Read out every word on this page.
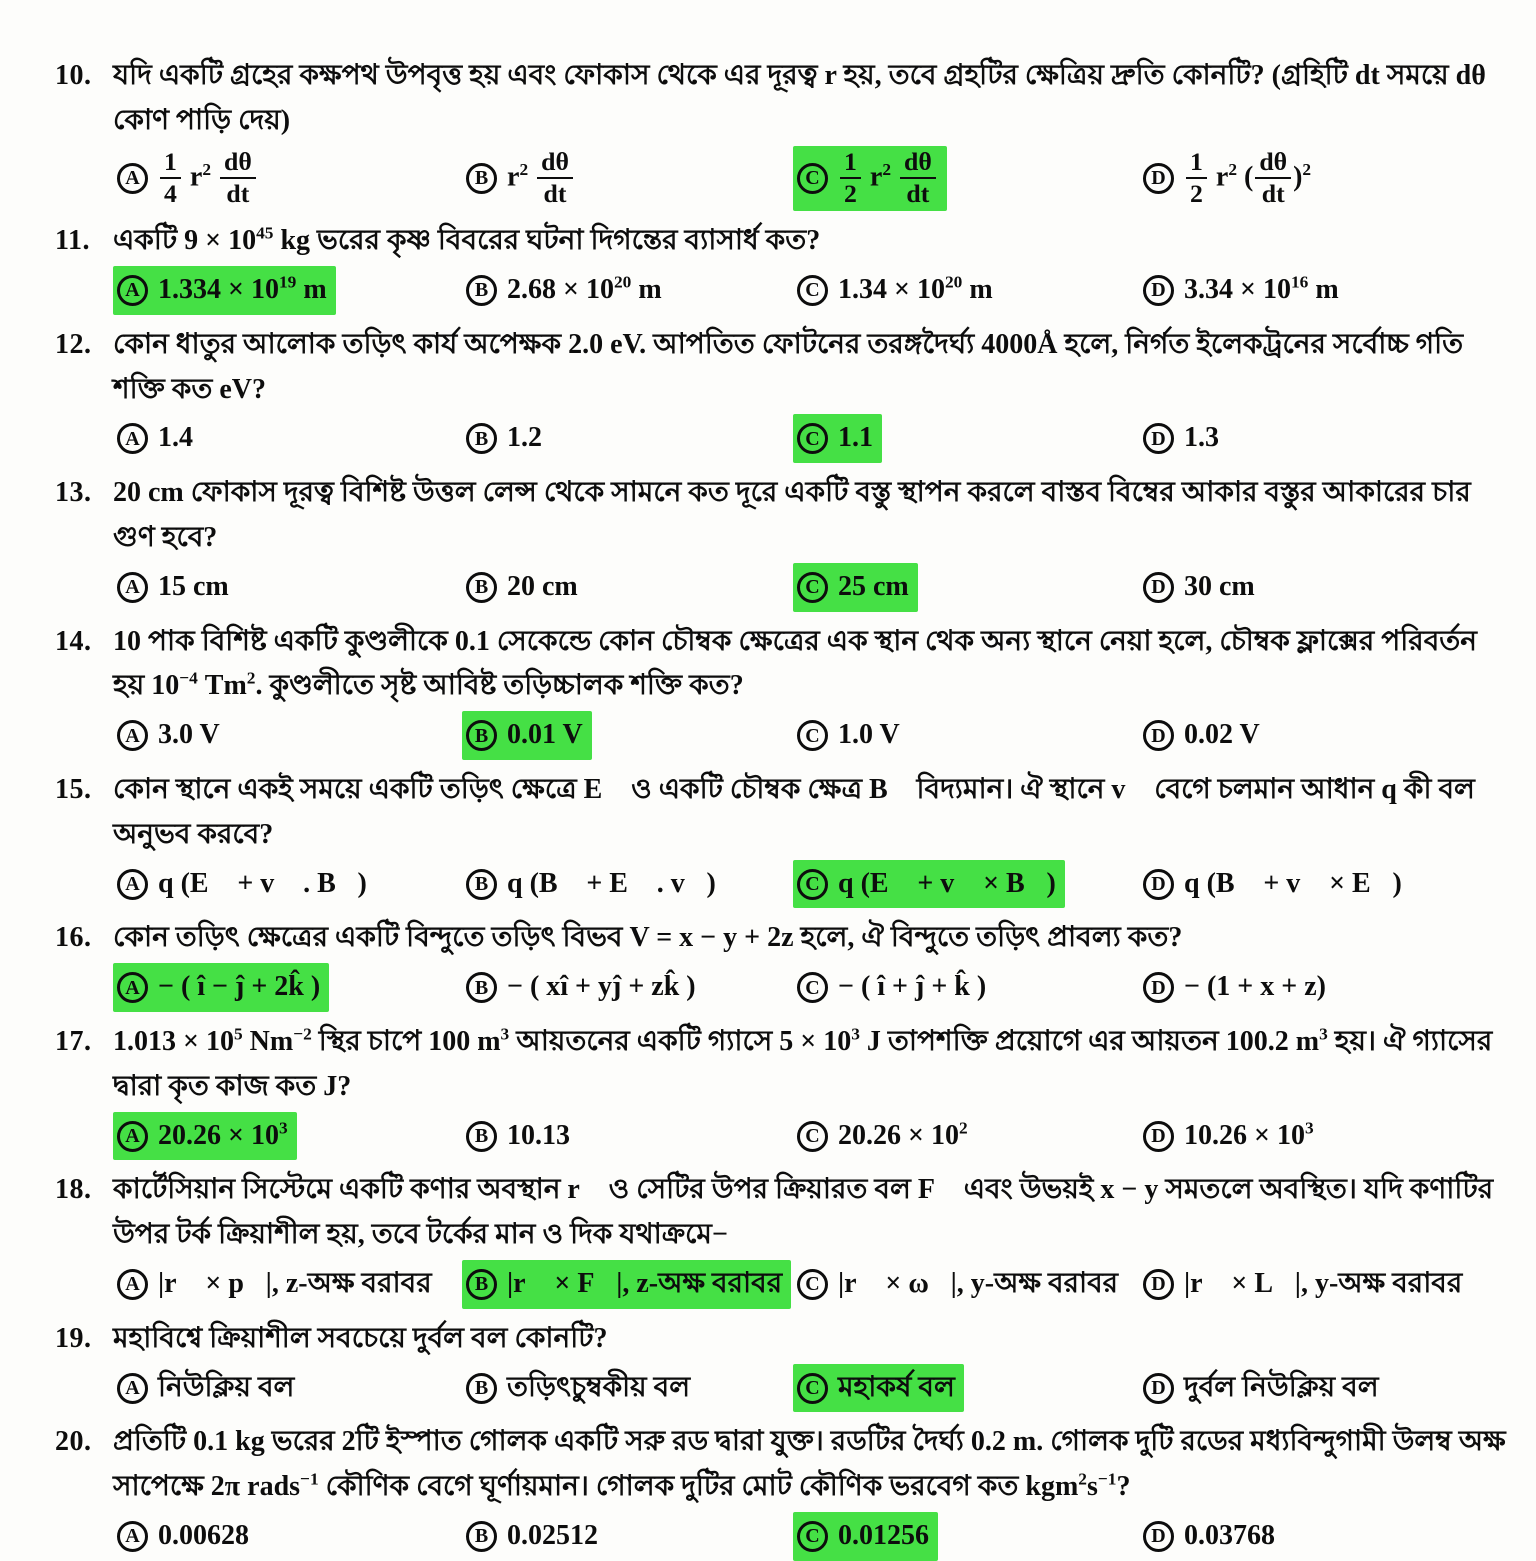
10. যদি একটি গ্রহের কক্ষপথ উপবৃত্ত হয় এবং ফোকাস থেকে এর দূরত্ব r হয়, তবে গ্রহটির ক্ষেত্রিয় দ্রুতি কোনটি? (গ্রহিটি dt সময়ে dθ কোণ পাড়ি দেয়)
A $\frac{1}{4} r^2 \frac{d\theta}{dt}$	B $r^2 \frac{d\theta}{dt}$	C $\frac{1}{2} r^2 \frac{d\theta}{dt}$	D $\frac{1}{2} r^2$ ( $\frac{d\theta}{dt} )^2$
11. একটি $9 \times 10^{45}$ kg ভরের কৃষ্ণ বিবরের ঘটনা দিগন্তের ব্যাসার্ধ কত?
A $1.334 \times 10^{19}$ m	B $2.68 \times 10^{20}$ m	C $1.34 \times 10^{20}$ m	D $3.34 \times 10^{16}$ m
12. কোন ধাতুর আলোক তড়িৎ কার্য অপেক্ষক 2.0 eV. আপতিত ফোটনের তরঙ্গদৈর্ঘ্য 4000Å হলে, নির্গত ইলেকট্রনের সর্বোচ্চ গতি শক্তি কত eV?
A 1.4	B 1.2	C 1.1	D 1.3
13. 20 cm ফোকাস দূরত্ব বিশিষ্ট উত্তল লেন্স থেকে সামনে কত দূরে একটি বস্তু স্থাপন করলে বাস্তব বিম্বের আকার বস্তুর আকারের চার গুণ হবে?
A 15 cm	B 20 cm	C 25 cm	D 30 cm
14. 10 পাক বিশিষ্ট একটি কুণ্ডলীকে 0.1 সেকেন্ডে কোন চৌম্বক ক্ষেত্রের এক স্থান থেক অন্য স্থানে নেয়া হলে, চৌম্বক ফ্লাক্সের পরিবর্তন হয় $10^{-4}$ Tm$^2$. কুণ্ডলীতে সৃষ্ট আবিষ্ট তড়িচ্চালক শক্তি কত?
A 3.0 V	B 0.01 V	C 1.0 V	D 0.02 V
15. কোন স্থানে একই সময়ে একটি তড়িৎ ক্ষেত্রে E⃗ ও একটি চৌম্বক ক্ষেত্র B⃗ বিদ্যমান। ঐ স্থানে v⃗ বেগে চলমান আধান q কী বল অনুভব করবে?
A q (E⃗ + v⃗ . B⃗)	B q (B⃗ + E⃗ . v⃗)	C q (E⃗ + v⃗ × B⃗)	D q (B⃗ + v⃗ × E⃗)
16. কোন তড়িৎ ক্ষেত্রের একটি বিন্দুতে তড়িৎ বিভব V = x − y + 2z হলে, ঐ বিন্দুতে তড়িৎ প্রাবল্য কত?
A − ( î − ĵ + 2k̂ )	B − ( xî + yĵ + zk̂ )	C − ( î + ĵ + k̂ )	D − (1 + x + z)
17. $1.013 \times 10^5$ $Nm^{-2}$ স্থির চাপে 100 $m^3$ আয়তনের একটি গ্যাসে $5 \times 10^3$ J তাপশক্তি প্রয়োগে এর আয়তন 100.2 $m^3$ হয়। ঐ গ্যাসের দ্বারা কৃত কাজ কত J?
A $20.26 \times 10^3$	B 10.13	C $20.26 \times 10^2$	D $10.26 \times 10^3$
18. কার্টেসিয়ান সিস্টেমে একটি কণার অবস্থান r⃗ ও সেটির উপর ক্রিয়ারত বল F⃗ এবং উভয়ই x − y সমতলে অবস্থিত। যদি কণাটির উপর টর্ক ক্রিয়াশীল হয়, তবে টর্কের মান ও দিক যথাক্রমে−
A |r⃗ × p⃗|, z-অক্ষ বরাবর	B |r⃗ × F⃗|, z-অক্ষ বরাবর	C |r⃗ × ω⃗|, y-অক্ষ বরাবর	D |r⃗ × L⃗|, y-অক্ষ বরাবর
19. মহাবিশ্বে ক্রিয়াশীল সবচেয়ে দুর্বল বল কোনটি?
A নিউক্লিয় বল	B তড়িৎচুম্বকীয় বল	C মহাকর্ষ বল	D দুর্বল নিউক্লিয় বল
20. প্রতিটি 0.1 kg ভরের 2টি ইস্পাত গোলক একটি সরু রড দ্বারা যুক্ত। রডটির দৈর্ঘ্য 0.2 m. গোলক দুটি রডের মধ্যবিন্দুগামী উলম্ব অক্ষ সাপেক্ষে 2π rads$^{-1}$ কৌণিক বেগে ঘূর্ণায়মান। গোলক দুটির মোট কৌণিক ভরবেগ কত $kgm^2s^{-1}$?
A 0.00628	B 0.02512	C 0.01256	D 0.03768
